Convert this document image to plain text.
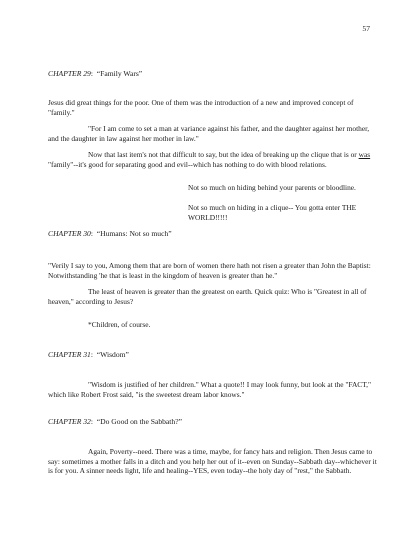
57

CHAPTER 29:  “Family Wars”

Jesus did great things for the poor. One of them was the introduction of a new and improved concept of "family."

"For I am come to set a man at variance against his father, and the daughter against her mother, and the daughter in law against her mother in law."

Now that last item's not that difficult to say, but the idea of breaking up the clique that is or was "family"--it's good for separating good and evil--which has nothing to do with blood relations.

Not so much on hiding behind your parents or bloodline.

Not so much on hiding in a clique-- You gotta enter THE WORLD!!!!!

CHAPTER 30:  “Humans: Not so much”

"Verily I say to you, Among them that are born of women there hath not risen a greater than John the Baptist: Notwithstanding 'he that is least in the kingdom of heaven is greater than he."

The least of heaven is greater than the greatest on earth. Quick quiz: Who is "Greatest in all of heaven," according to Jesus?

*Children, of course.

CHAPTER 31:  “Wisdom”

"Wisdom is justified of her children." What a quote!! I may look funny, but look at the "FACT," which like Robert Frost said, "is the sweetest dream labor knows."

CHAPTER 32:  “Do Good on the Sabbath?”

Again, Poverty--need. There was a time, maybe, for fancy hats and religion. Then Jesus came to say: sometimes a mother falls in a ditch and you help her out of it--even on Sunday--Sabbath day--whichever it is for you. A sinner needs light, life and healing--YES, even today--the holy day of "rest," the Sabbath.
